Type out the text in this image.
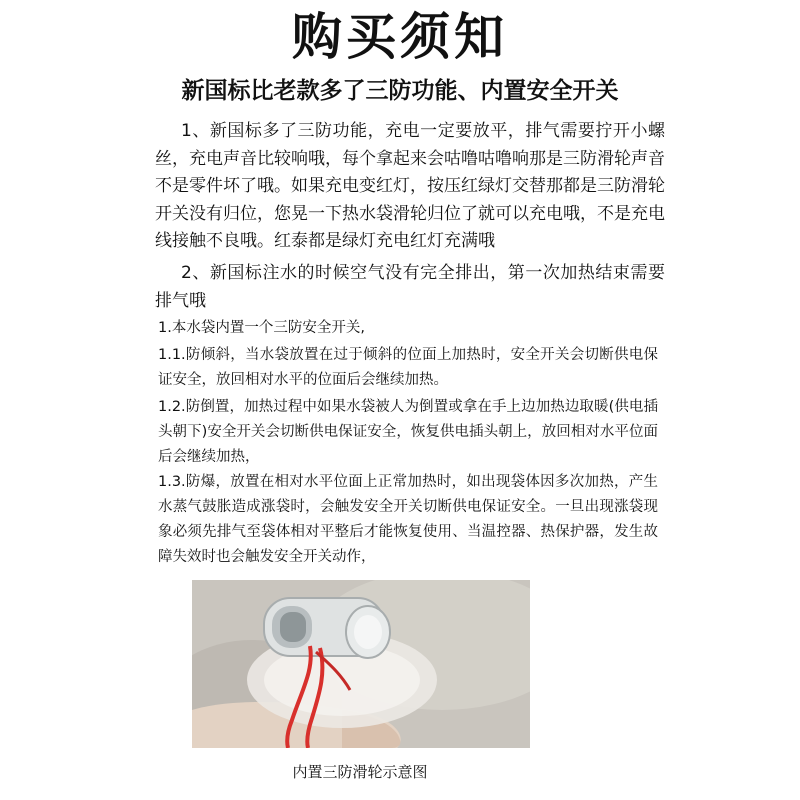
购买须知
新国标比老款多了三防功能、内置安全开关

1、新国标多了三防功能，充电一定要放平，排气需要拧开小螺丝，充电声音比较响哦，每个拿起来会咕噜咕噜响那是三防滑轮声音不是零件坏了哦。如果充电变红灯，按压红绿灯交替那都是三防滑轮开关没有归位，您晃一下热水袋滑轮归位了就可以充电哦，不是充电线接触不良哦。红泰都是绿灯充电红灯充满哦

2、新国标注水的时候空气没有完全排出，第一次加热结束需要排气哦

1.本水袋内置一个三防安全开关,

1.1.防倾斜，当水袋放置在过于倾斜的位面上加热时，安全开关会切断供电保证安全，放回相对水平的位面后会继续加热。

1.2.防倒置，加热过程中如果水袋被人为倒置或拿在手上边加热边取暖(供电插头朝下)安全开关会切断供电保证安全，恢复供电插头朝上，放回相对水平位面后会继续加热，

1.3.防爆，放置在相对水平位面上正常加热时，如出现袋体因多次加热，产生水蒸气鼓胀造成涨袋时，会触发安全开关切断供电保证安全。一旦出现涨袋现象必须先排气至袋体相对平整后才能恢复使用、当温控器、热保护器，发生故障失效时也会触发安全开关动作，

内置三防滑轮示意图
